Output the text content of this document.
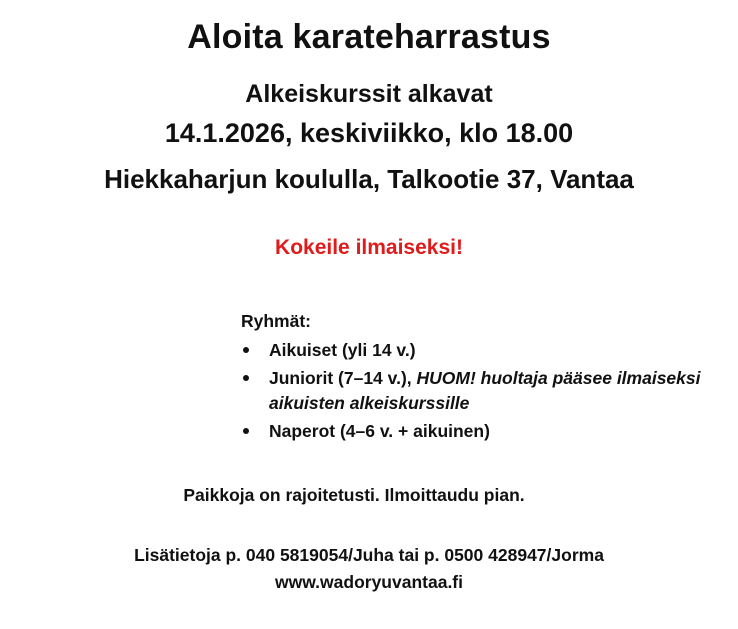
Aloita karateharrastus
Alkeiskurssit alkavat
14.1.2026, keskiviikko, klo 18.00
Hiekkaharjun koululla, Talkootie 37, Vantaa
Kokeile ilmaiseksi!
Ryhmät:
Aikuiset (yli 14 v.)
Juniorit (7–14 v.), HUOM! huoltaja pääsee ilmaiseksi aikuisten alkeiskurssille
Naperot (4–6 v. + aikuinen)
Paikkoja on rajoitetusti. Ilmoittaudu pian.
Lisätietoja p. 040 5819054/Juha tai p. 0500 428947/Jorma
www.wadoryuvantaa.fi
